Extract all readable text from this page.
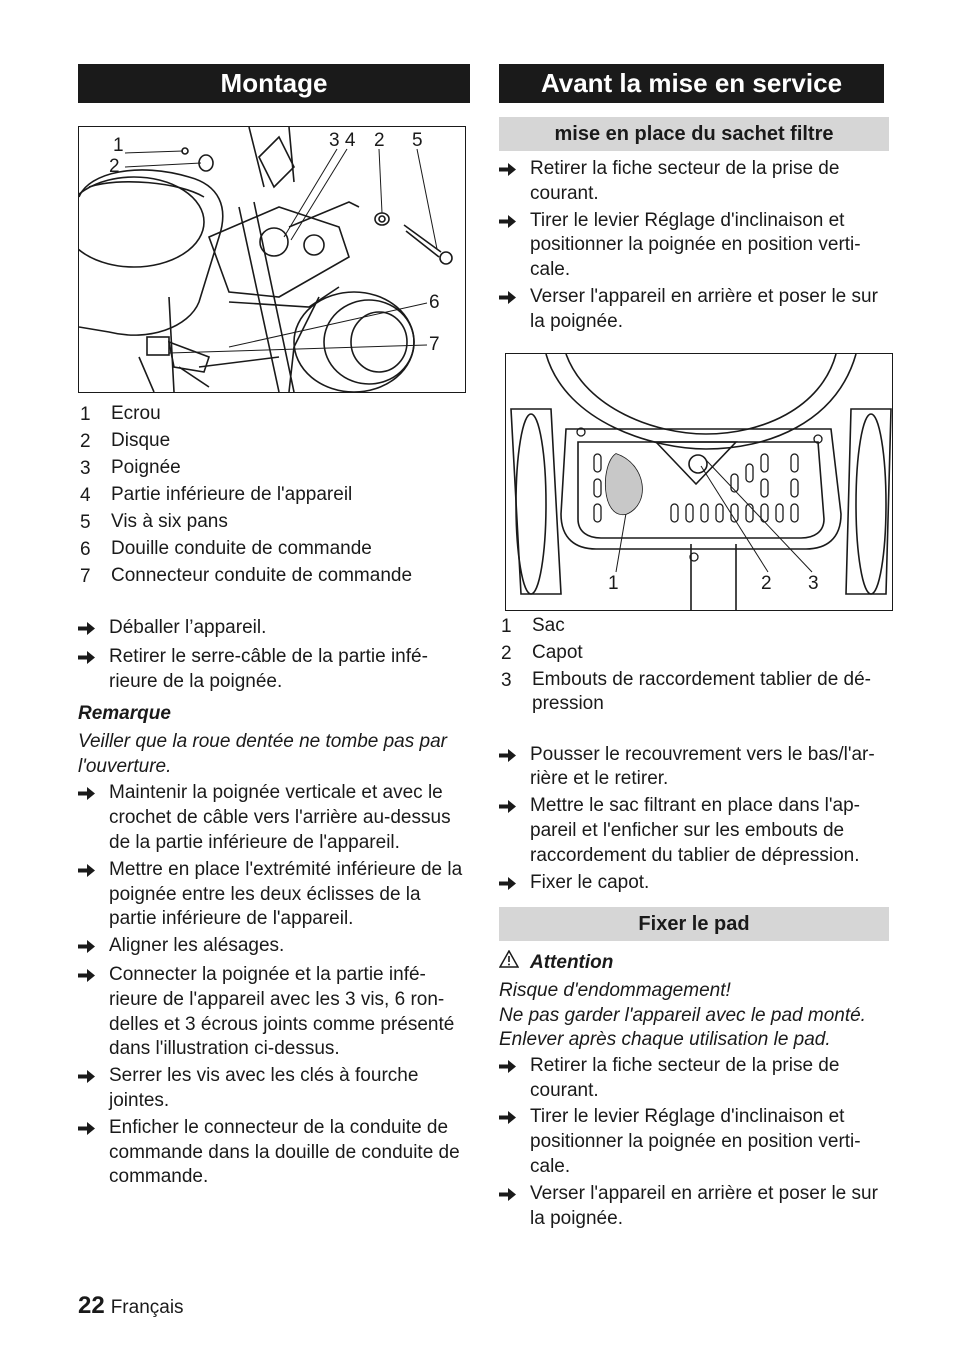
Montage
1
2
3 4 2 5
6
7
1	Ecrou
2	Disque
3	Poignée
4	Partie inférieure de l'appareil
5	Vis à six pans
6	Douille conduite de commande
7	Connecteur conduite de commande
Déballer l’appareil.
Retirer le serre-câble de la partie infé-rieure de la poignée.
Remarque
Veiller que la roue dentée ne tombe pas par l'ouverture.
Maintenir la poignée verticale et avec le crochet de câble vers l'arrière au-dessus de la partie inférieure de l'appareil.
Mettre en place l'extrémité inférieure de la poignée entre les deux éclisses de la partie inférieure de l'appareil.
Aligner les alésages.
Connecter la poignée et la partie infé-rieure de l'appareil avec les 3 vis, 6 ron-delles et 3 écrous joints comme présenté dans l'illustration ci-dessus.
Serrer les vis avec les clés à fourche jointes.
Enficher le connecteur de la conduite de commande dans la douille de conduite de commande.
Avant la mise en service
mise en place du sachet filtre
Retirer la fiche secteur de la prise de courant.
Tirer le levier Réglage d'inclinaison et positionner la poignée en position verti-cale.
Verser l'appareil en arrière et poser le sur la poignée.
1	2 3
1	Sac
2	Capot
3	Embouts de raccordement tablier de dé-pression
Pousser le recouvrement vers le bas/l'ar-rière et le retirer.
Mettre le sac filtrant en place dans l'ap-pareil et l'enficher sur les embouts de raccordement du tablier de dépression.
Fixer le capot.
Fixer le pad
Attention
Risque d'endommagement!
Ne pas garder l'appareil avec le pad monté.
Enlever après chaque utilisation le pad.
Retirer la fiche secteur de la prise de courant.
Tirer le levier Réglage d'inclinaison et positionner la poignée en position verti-cale.
Verser l'appareil en arrière et poser le sur la poignée.
22 Français
